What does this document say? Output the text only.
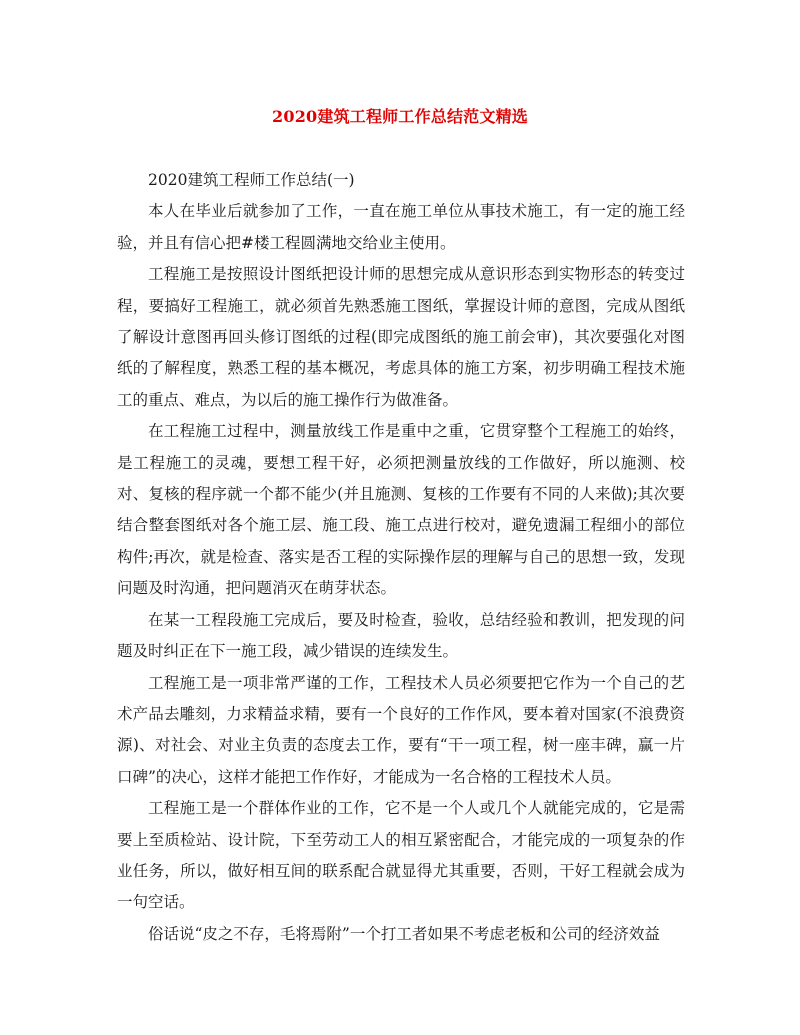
2020建筑工程师工作总结范文精选

2020建筑工程师工作总结(一)

本人在毕业后就参加了工作，一直在施工单位从事技术施工，有一定的施工经验，并且有信心把#楼工程圆满地交给业主使用。

工程施工是按照设计图纸把设计师的思想完成从意识形态到实物形态的转变过程，要搞好工程施工，就必须首先熟悉施工图纸，掌握设计师的意图，完成从图纸了解设计意图再回头修订图纸的过程(即完成图纸的施工前会审)，其次要强化对图纸的了解程度，熟悉工程的基本概况，考虑具体的施工方案，初步明确工程技术施工的重点、难点，为以后的施工操作行为做准备。

在工程施工过程中，测量放线工作是重中之重，它贯穿整个工程施工的始终，是工程施工的灵魂，要想工程干好，必须把测量放线的工作做好，所以施测、校对、复核的程序就一个都不能少(并且施测、复核的工作要有不同的人来做);其次要结合整套图纸对各个施工层、施工段、施工点进行校对，避免遗漏工程细小的部位构件;再次，就是检查、落实是否工程的实际操作层的理解与自己的思想一致，发现问题及时沟通，把问题消灭在萌芽状态。

在某一工程段施工完成后，要及时检查，验收，总结经验和教训，把发现的问题及时纠正在下一施工段，减少错误的连续发生。

工程施工是一项非常严谨的工作，工程技术人员必须要把它作为一个自己的艺术产品去雕刻，力求精益求精，要有一个良好的工作作风，要本着对国家(不浪费资源)、对社会、对业主负责的态度去工作，要有“干一项工程，树一座丰碑，赢一片口碑”的决心，这样才能把工作作好，才能成为一名合格的工程技术人员。

工程施工是一个群体作业的工作，它不是一个人或几个人就能完成的，它是需要上至质检站、设计院，下至劳动工人的相互紧密配合，才能完成的一项复杂的作业任务，所以，做好相互间的联系配合就显得尤其重要，否则，干好工程就会成为一句空话。

俗话说“皮之不存，毛将焉附”一个打工者如果不考虑老板和公司的经济效益
